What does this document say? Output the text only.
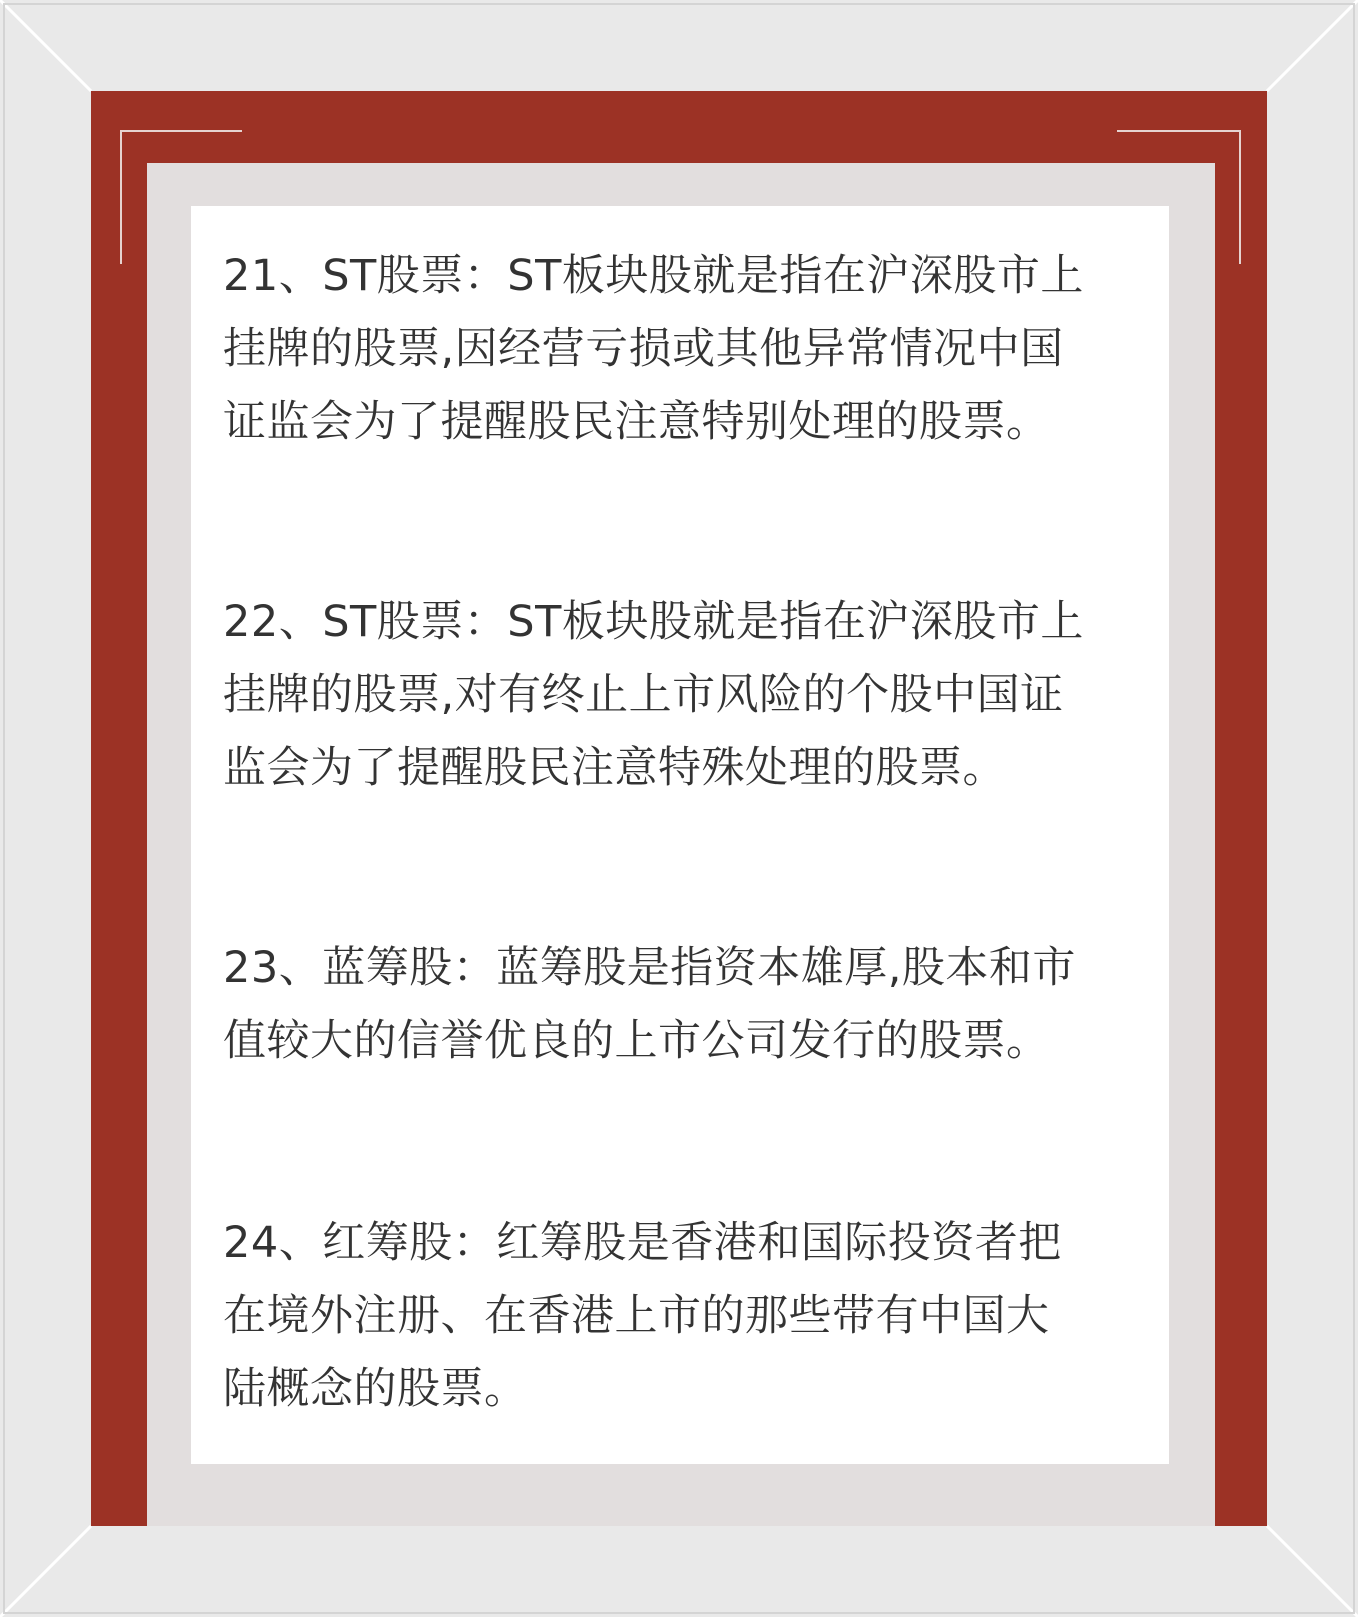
21、ST股票：ST板块股就是指在沪深股市上
挂牌的股票,因经营亏损或其他异常情况中国
证监会为了提醒股民注意特别处理的股票。
22、ST股票：ST板块股就是指在沪深股市上
挂牌的股票,对有终止上市风险的个股中国证
监会为了提醒股民注意特殊处理的股票。
23、蓝筹股：蓝筹股是指资本雄厚,股本和市
值较大的信誉优良的上市公司发行的股票。
24、红筹股：红筹股是香港和国际投资者把
在境外注册、在香港上市的那些带有中国大
陆概念的股票。
